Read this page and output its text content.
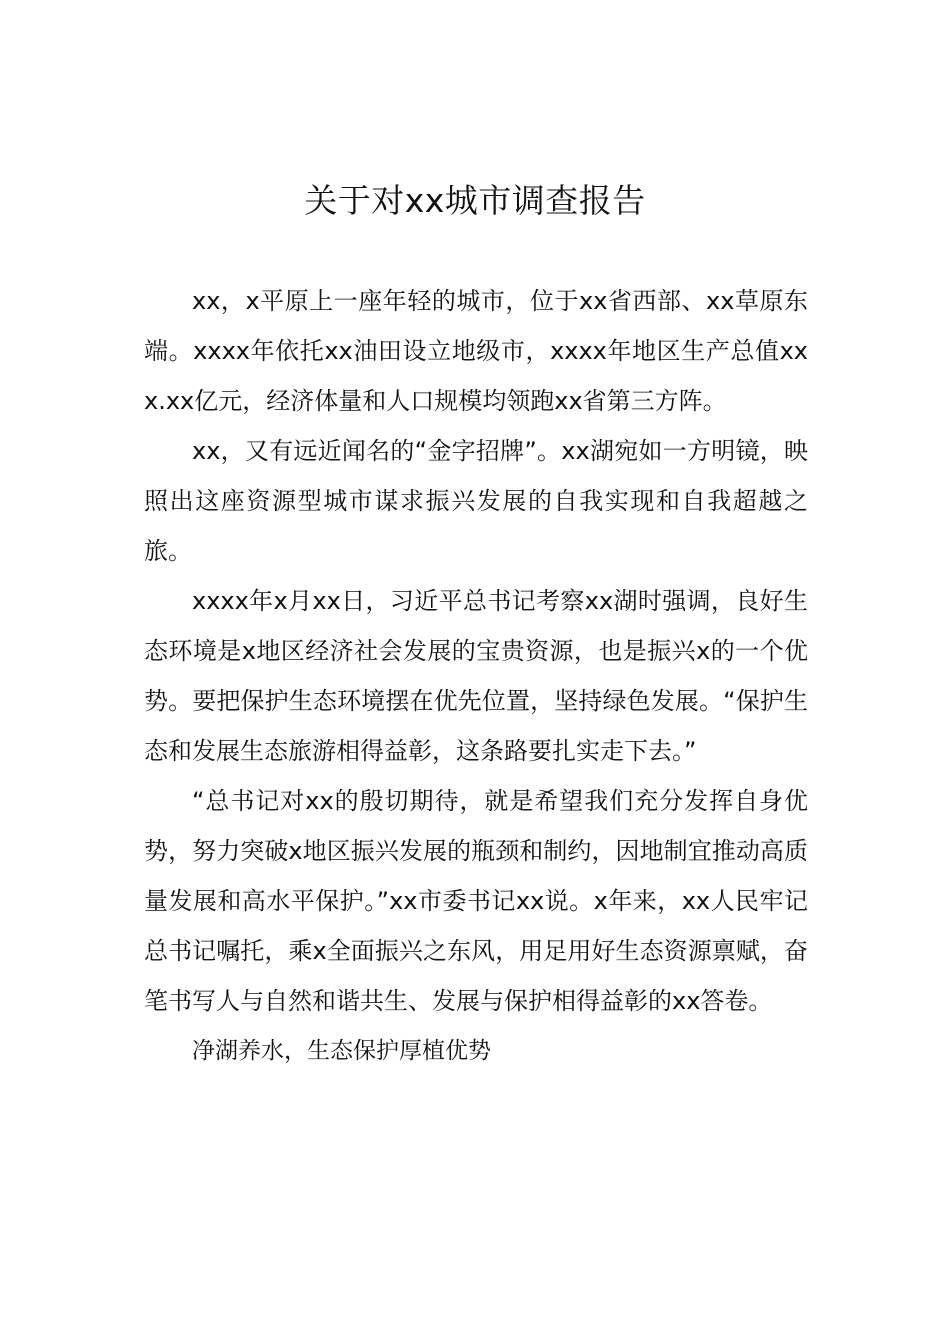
关于对xx城市调查报告

xx，x平原上一座年轻的城市，位于xx省西部、xx草原东端。xxxx年依托xx油田设立地级市，xxxx年地区生产总值xxx.xx亿元，经济体量和人口规模均领跑xx省第三方阵。

xx，又有远近闻名的“金字招牌”。xx湖宛如一方明镜，映照出这座资源型城市谋求振兴发展的自我实现和自我超越之旅。

xxxx年x月xx日，习近平总书记考察xx湖时强调，良好生态环境是x地区经济社会发展的宝贵资源，也是振兴x的一个优势。要把保护生态环境摆在优先位置，坚持绿色发展。“保护生态和发展生态旅游相得益彰，这条路要扎实走下去。”

“总书记对xx的殷切期待，就是希望我们充分发挥自身优势，努力突破x地区振兴发展的瓶颈和制约，因地制宜推动高质量发展和高水平保护。”xx市委书记xx说。x年来，xx人民牢记总书记嘱托，乘x全面振兴之东风，用足用好生态资源禀赋，奋笔书写人与自然和谐共生、发展与保护相得益彰的xx答卷。

净湖养水，生态保护厚植优势
